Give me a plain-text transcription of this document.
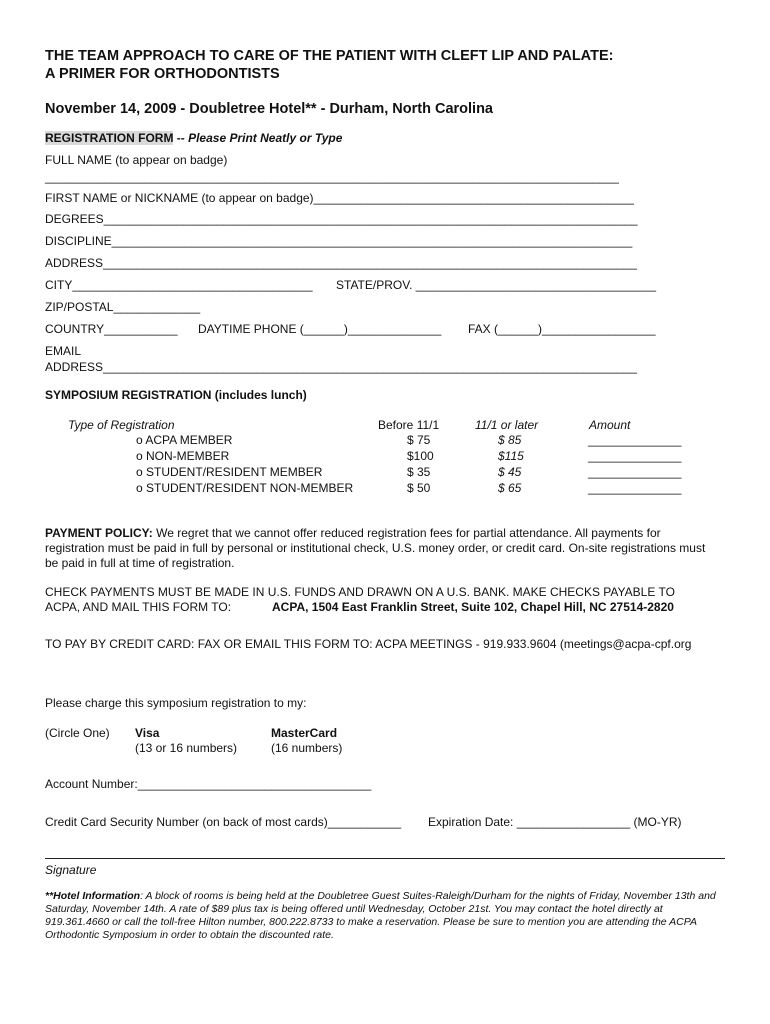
THE TEAM APPROACH TO CARE OF THE PATIENT WITH CLEFT LIP AND PALATE:
A PRIMER FOR ORTHODONTISTS
November 14, 2009 - Doubletree Hotel** - Durham, North Carolina
REGISTRATION FORM -- Please Print Neatly or Type
FULL NAME (to appear on badge)
______________________________________________________________________________________
FIRST NAME or NICKNAME (to appear on badge)________________________________________________
DEGREES________________________________________________________________________________
DISCIPLINE______________________________________________________________________________
ADDRESS________________________________________________________________________________
CITY____________________________________ STATE/PROV. ____________________________________
ZIP/POSTAL_____________
COUNTRY___________ DAYTIME PHONE (______)______________ FAX (______)_________________
EMAIL
ADDRESS________________________________________________________________________________
SYMPOSIUM REGISTRATION (includes lunch)
Type of Registration	Before 11/1	11/1 or later	Amount
o ACPA MEMBER	$ 75	$ 85	______________
o NON-MEMBER	$100	$115	______________
o STUDENT/RESIDENT MEMBER	$ 35	$ 45	______________
o STUDENT/RESIDENT NON-MEMBER	$ 50	$ 65	______________
PAYMENT POLICY: We regret that we cannot offer reduced registration fees for partial attendance. All payments for registration must be paid in full by personal or institutional check, U.S. money order, or credit card. On-site registrations must be paid in full at time of registration.
CHECK PAYMENTS MUST BE MADE IN U.S. FUNDS AND DRAWN ON A U.S. BANK. MAKE CHECKS PAYABLE TO
ACPA, AND MAIL THIS FORM TO:	ACPA, 1504 East Franklin Street, Suite 102, Chapel Hill, NC 27514-2820
TO PAY BY CREDIT CARD: FAX OR EMAIL THIS FORM TO: ACPA MEETINGS - 919.933.9604 (meetings@acpa-cpf.org
Please charge this symposium registration to my:
(Circle One) Visa
(13 or 16 numbers)
MasterCard
(16 numbers)
Account Number:___________________________________
Credit Card Security Number (on back of most cards)___________ Expiration Date: _________________ (MO-YR)
Signature
**Hotel Information: A block of rooms is being held at the Doubletree Guest Suites-Raleigh/Durham for the nights of Friday, November 13th and Saturday, November 14th. A rate of $89 plus tax is being offered until Wednesday, October 21st. You may contact the hotel directly at 919.361.4660 or call the toll-free Hilton number, 800.222.8733 to make a reservation. Please be sure to mention you are attending the ACPA Orthodontic Symposium in order to obtain the discounted rate.
